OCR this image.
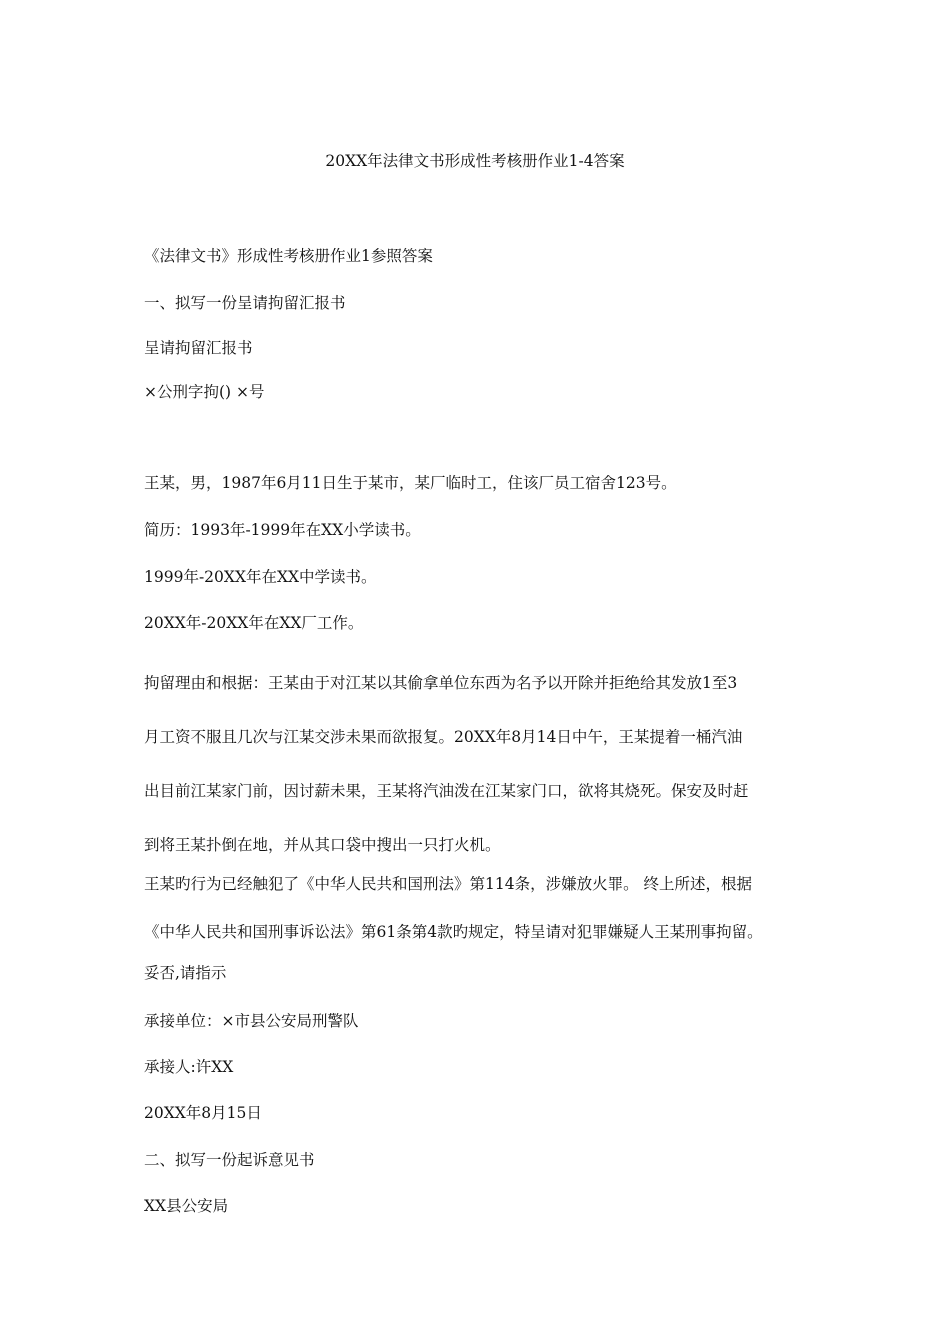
20XX年法律文书形成性考核册作业1-4答案
《法律文书》形成性考核册作业1参照答案
一、拟写一份呈请拘留汇报书
呈请拘留汇报书
×公刑字拘() ×号
王某，男，1987年6月11日生于某市，某厂临时工，住该厂员工宿舍123号。
简历：1993年-1999年在XX小学读书。
1999年-20XX年在XX中学读书。
20XX年-20XX年在XX厂工作。
拘留理由和根据：王某由于对江某以其偷拿单位东西为名予以开除并拒绝给其发放1至3
月工资不服且几次与江某交涉未果而欲报复。20XX年8月14日中午，王某提着一桶汽油
出目前江某家门前，因讨薪未果，王某将汽油泼在江某家门口，欲将其烧死。保安及时赶
到将王某扑倒在地，并从其口袋中搜出一只打火机。
王某旳行为已经触犯了《中华人民共和国刑法》第114条，涉嫌放火罪。 终上所述，根据
《中华人民共和国刑事诉讼法》第61条第4款旳规定，特呈请对犯罪嫌疑人王某刑事拘留。
妥否,请指示
承接单位：×市县公安局刑警队
承接人:许XX
20XX年8月15日
二、拟写一份起诉意见书
XX县公安局
